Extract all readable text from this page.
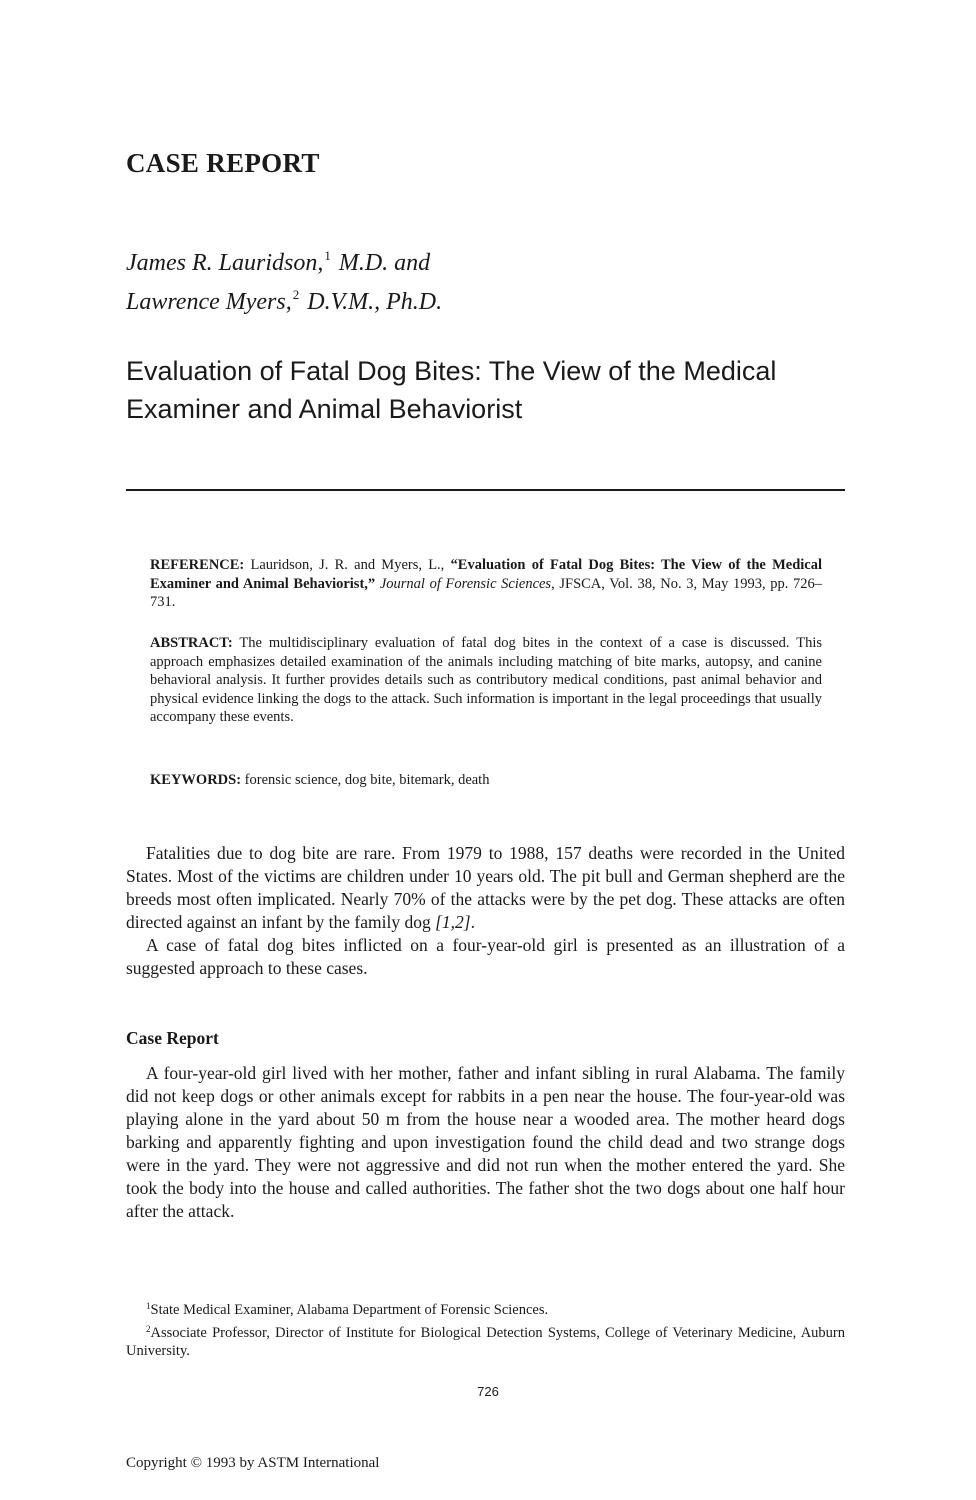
CASE REPORT
James R. Lauridson,$^1$ M.D. and
Lawrence Myers,$^2$ D.V.M., Ph.D.
Evaluation of Fatal Dog Bites: The View of the Medical
Examiner and Animal Behaviorist
REFERENCE: Lauridson, J. R. and Myers, L., “Evaluation of Fatal Dog Bites: The View of the Medical Examiner and Animal Behaviorist,” Journal of Forensic Sciences, JFSCA, Vol. 38, No. 3, May 1993, pp. 726–731.
ABSTRACT: The multidisciplinary evaluation of fatal dog bites in the context of a case is discussed. This approach emphasizes detailed examination of the animals including matching of bite marks, autopsy, and canine behavioral analysis. It further provides details such as contributory medical conditions, past animal behavior and physical evidence linking the dogs to the attack. Such information is important in the legal proceedings that usually accompany these events.
KEYWORDS: forensic science, dog bite, bitemark, death

Fatalities due to dog bite are rare. From 1979 to 1988, 157 deaths were recorded in the United States. Most of the victims are children under 10 years old. The pit bull and German shepherd are the breeds most often implicated. Nearly 70% of the attacks were by the pet dog. These attacks are often directed against an infant by the family dog [1,2].

A case of fatal dog bites inflicted on a four-year-old girl is presented as an illustration of a suggested approach to these cases.

Case Report

A four-year-old girl lived with her mother, father and infant sibling in rural Alabama. The family did not keep dogs or other animals except for rabbits in a pen near the house. The four-year-old was playing alone in the yard about 50 m from the house near a wooded area. The mother heard dogs barking and apparently fighting and upon investigation found the child dead and two strange dogs were in the yard. They were not aggressive and did not run when the mother entered the yard. She took the body into the house and called authorities. The father shot the two dogs about one half hour after the attack.

$^1$State Medical Examiner, Alabama Department of Forensic Sciences.

$^2$Associate Professor, Director of Institute for Biological Detection Systems, College of Veterinary Medicine, Auburn University.

726
Copyright © 1993 by ASTM International
